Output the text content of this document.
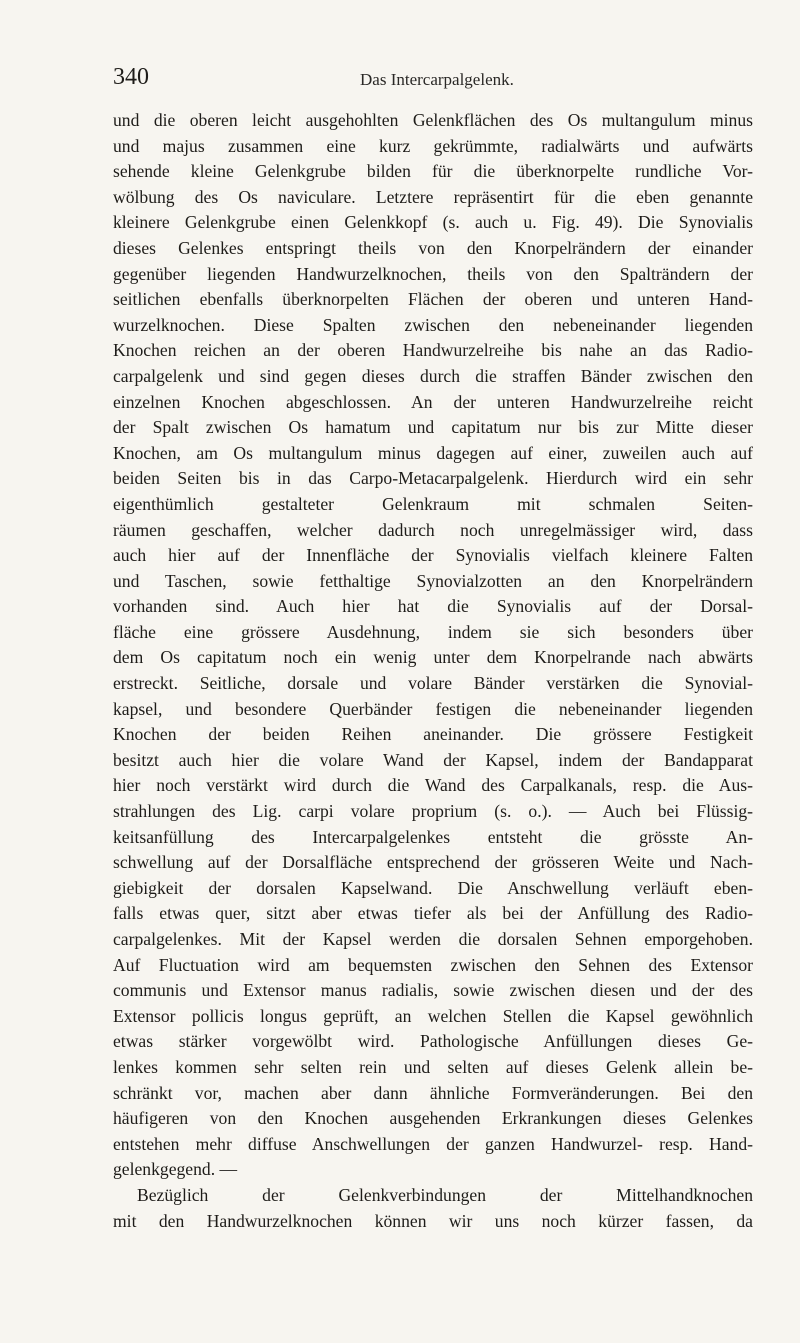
340	Das Intercarpalgelenk.
und die oberen leicht ausgehohlten Gelenkflächen des Os multangulum minus
und majus zusammen eine kurz gekrümmte, radialwärts und aufwärts
sehende kleine Gelenkgrube bilden für die überknorpelte rundliche Vor-
wölbung des Os naviculare. Letztere repräsentirt für die eben genannte
kleinere Gelenkgrube einen Gelenkkopf (s. auch u. Fig. 49). Die Synovialis
dieses Gelenkes entspringt theils von den Knorpelrändern der einander
gegenüber liegenden Handwurzelknochen, theils von den Spalträndern der
seitlichen ebenfalls überknorpelten Flächen der oberen und unteren Hand-
wurzelknochen. Diese Spalten zwischen den nebeneinander liegenden
Knochen reichen an der oberen Handwurzelreihe bis nahe an das Radio-
carpalgelenk und sind gegen dieses durch die straffen Bänder zwischen den
einzelnen Knochen abgeschlossen. An der unteren Handwurzelreihe reicht
der Spalt zwischen Os hamatum und capitatum nur bis zur Mitte dieser
Knochen, am Os multangulum minus dagegen auf einer, zuweilen auch auf
beiden Seiten bis in das Carpo-Metacarpalgelenk. Hierdurch wird ein sehr
eigenthümlich gestalteter Gelenkraum mit schmalen Seiten-
räumen geschaffen, welcher dadurch noch unregelmässiger wird, dass
auch hier auf der Innenfläche der Synovialis vielfach kleinere Falten
und Taschen, sowie fetthaltige Synovialzotten an den Knorpelrändern
vorhanden sind. Auch hier hat die Synovialis auf der Dorsal-
fläche eine grössere Ausdehnung, indem sie sich besonders über
dem Os capitatum noch ein wenig unter dem Knorpelrande nach abwärts
erstreckt. Seitliche, dorsale und volare Bänder verstärken die Synovial-
kapsel, und besondere Querbänder festigen die nebeneinander liegenden
Knochen der beiden Reihen aneinander. Die grössere Festigkeit
besitzt auch hier die volare Wand der Kapsel, indem der Bandapparat
hier noch verstärkt wird durch die Wand des Carpalkanals, resp. die Aus-
strahlungen des Lig. carpi volare proprium (s. o.). — Auch bei Flüssig-
keitsanfüllung des Intercarpalgelenkes entsteht die grösste An-
schwellung auf der Dorsalfläche entsprechend der grösseren Weite und Nach-
giebigkeit der dorsalen Kapselwand. Die Anschwellung verläuft eben-
falls etwas quer, sitzt aber etwas tiefer als bei der Anfüllung des Radio-
carpalgelenkes. Mit der Kapsel werden die dorsalen Sehnen emporgehoben.
Auf Fluctuation wird am bequemsten zwischen den Sehnen des Extensor
communis und Extensor manus radialis, sowie zwischen diesen und der des
Extensor pollicis longus geprüft, an welchen Stellen die Kapsel gewöhnlich
etwas stärker vorgewölbt wird. Pathologische Anfüllungen dieses Ge-
lenkes kommen sehr selten rein und selten auf dieses Gelenk allein be-
schränkt vor, machen aber dann ähnliche Formveränderungen. Bei den
häufigeren von den Knochen ausgehenden Erkrankungen dieses Gelenkes
entstehen mehr diffuse Anschwellungen der ganzen Handwurzel- resp. Hand-
gelenkgegend. —
Bezüglich der Gelenkverbindungen der Mittelhandknochen
mit den Handwurzelknochen können wir uns noch kürzer fassen, da
